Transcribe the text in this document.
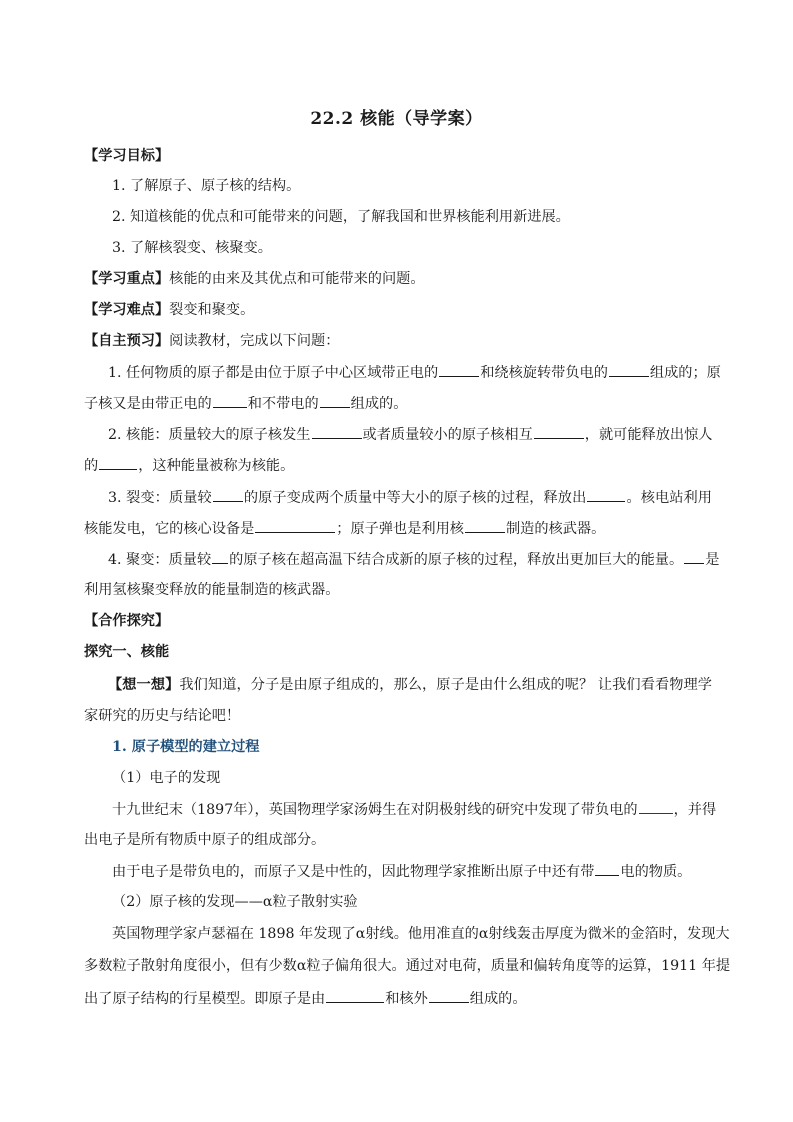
22.2 核能（导学案）
【学习目标】
1. 了解原子、原子核的结构。
2. 知道核能的优点和可能带来的问题，了解我国和世界核能利用新进展。
3. 了解核裂变、核聚变。
【学习重点】核能的由来及其优点和可能带来的问题。
【学习难点】裂变和聚变。
【自主预习】阅读教材，完成以下问题：
1. 任何物质的原子都是由位于原子中心区域带正电的	和绕核旋转带负电的	组成的；原
子核又是由带正电的	和不带电的 组成的。
2. 核能：质量较大的原子核发生	或者质量较小的原子核相互	，就可能释放出惊人
的	，这种能量被称为核能。
3. 裂变：质量较 的原子变成两个质量中等大小的原子核的过程，释放出	。核电站利用
核能发电，它的核心设备是	；原子弹也是利用核	制造的核武器。
4. 聚变：质量较 的原子核在超高温下结合成新的原子核的过程，释放出更加巨大的能量。 是
利用氢核聚变释放的能量制造的核武器。
【合作探究】
探究一、核能
【想一想】我们知道，分子是由原子组成的，那么，原子是由什么组成的呢？ 让我们看看物理学
家研究的历史与结论吧！
1. 原子模型的建立过程
（1）电子的发现
十九世纪末（1897年），英国物理学家汤姆生在对阴极射线的研究中发现了带负电的	，并得
出电子是所有物质中原子的组成部分。
由于电子是带负电的，而原子又是中性的，因此物理学家推断出原子中还有带 电的物质。
（2）原子核的发现——α粒子散射实验
英国物理学家卢瑟福在 1898 年发现了α射线。他用准直的α射线轰击厚度为微米的金箔时，发现大
多数粒子散射角度很小，但有少数α粒子偏角很大。通过对电荷，质量和偏转角度等的运算，1911 年提
出了原子结构的行星模型。即原子是由	和核外	组成的。
